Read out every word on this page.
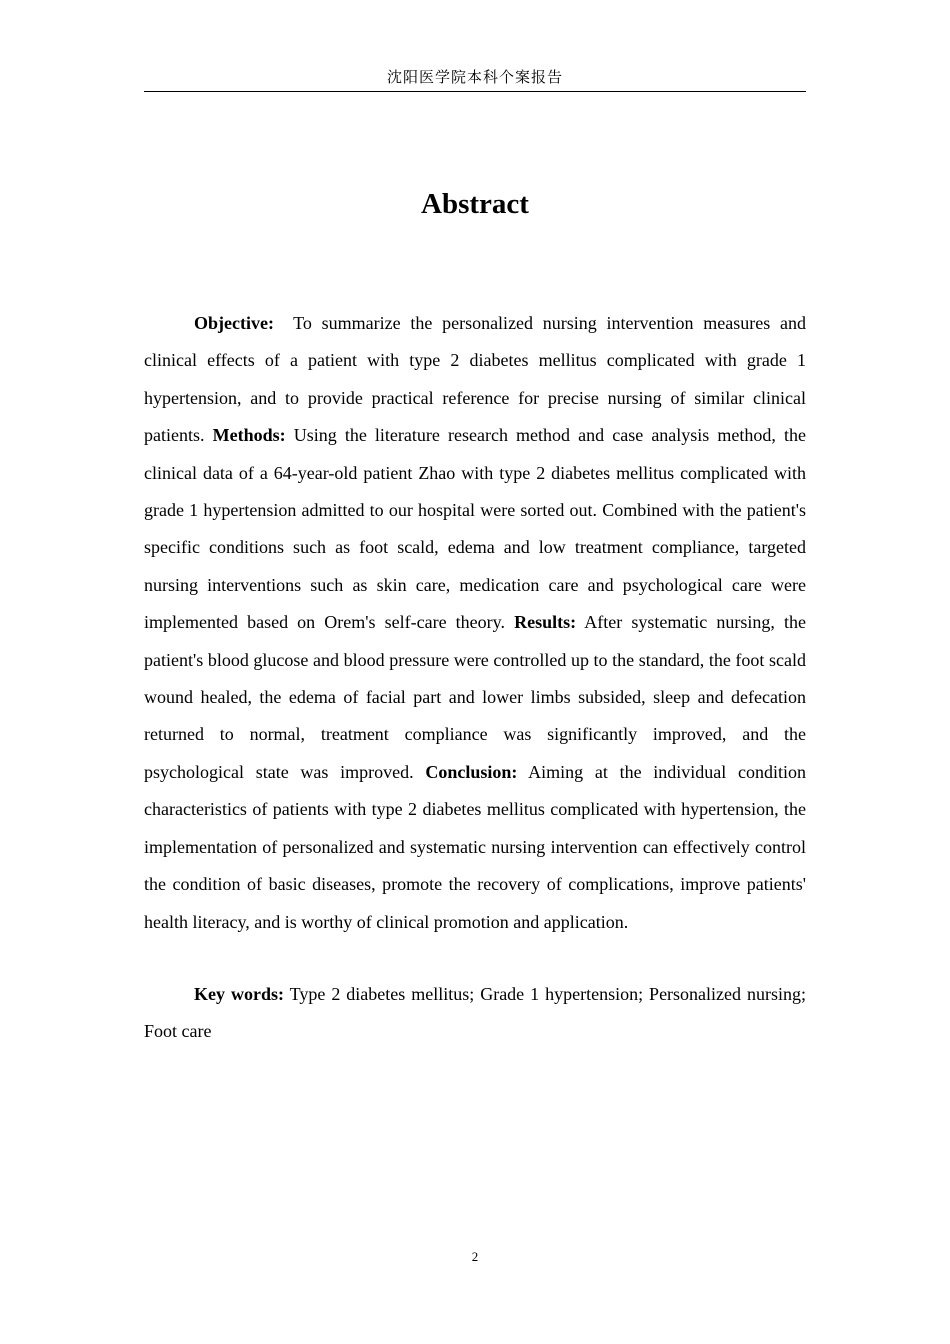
沈阳医学院本科个案报告
Abstract

Objective: To summarize the personalized nursing intervention measures and clinical effects of a patient with type 2 diabetes mellitus complicated with grade 1 hypertension, and to provide practical reference for precise nursing of similar clinical patients. Methods: Using the literature research method and case analysis method, the clinical data of a 64-year-old patient Zhao with type 2 diabetes mellitus complicated with grade 1 hypertension admitted to our hospital were sorted out. Combined with the patient's specific conditions such as foot scald, edema and low treatment compliance, targeted nursing interventions such as skin care, medication care and psychological care were implemented based on Orem's self-care theory. Results: After systematic nursing, the patient's blood glucose and blood pressure were controlled up to the standard, the foot scald wound healed, the edema of facial part and lower limbs subsided, sleep and defecation returned to normal, treatment compliance was significantly improved, and the psychological state was improved. Conclusion: Aiming at the individual condition characteristics of patients with type 2 diabetes mellitus complicated with hypertension, the implementation of personalized and systematic nursing intervention can effectively control the condition of basic diseases, promote the recovery of complications, improve patients' health literacy, and is worthy of clinical promotion and application.

Key words: Type 2 diabetes mellitus; Grade 1 hypertension; Personalized nursing; Foot care

2
